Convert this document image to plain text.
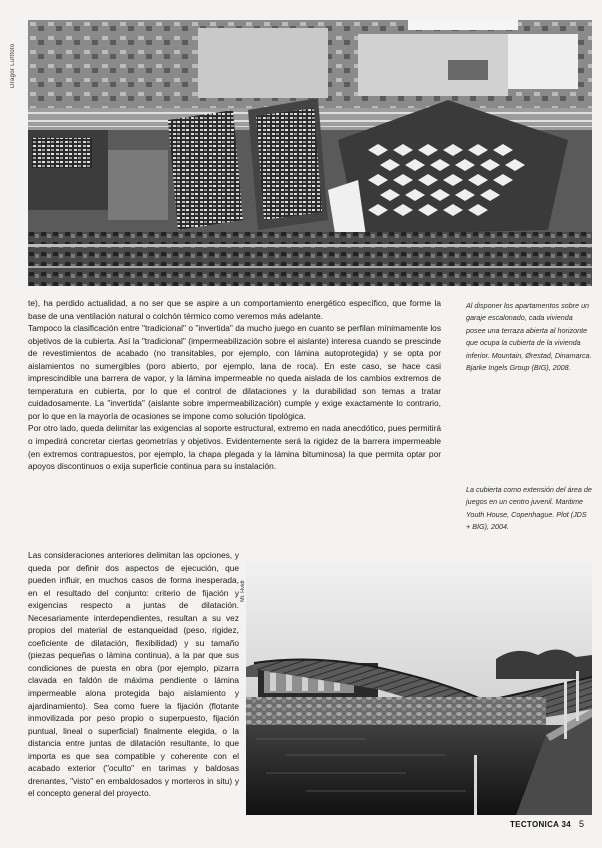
Dragor Luftfoto

te), ha perdido actualidad, a no ser que se aspire a un comportamiento energético específico, que forme la base de una ventilación natural o colchón térmico como veremos más adelante.

Tampoco la clasificación entre "tradicional" o "invertida" da mucho juego en cuanto se perfilan mínimamente los objetivos de la cubierta. Así la "tradicional" (impermeabilización sobre el aislante) interesa cuando se prescinde de revestimientos de acabado (no transitables, por ejemplo, con lámina autoprotegida) y se opta por aislamientos no sumergibles (poro abierto, por ejemplo, lana de roca). En este caso, se hace casi imprescindible una barrera de vapor, y la lámina impermeable no queda aislada de los cambios extremos de temperatura en cubierta, por lo que el control de dilataciones y la durabilidad son temas a tratar cuidadosamente. La "invertida" (aislante sobre impermeabilización) cumple y exige exactamente lo contrario, por lo que en la mayoría de ocasiones se impone como solución tipológica.

Por otro lado, queda delimitar las exigencias al soporte estructural, extremo en nada anecdótico, pues permitirá o impedirá concretar ciertas geometrías y objetivos. Evidentemente será la rigidez de la barrera impermeable (en extremos contrapuestos, por ejemplo, la chapa plegada y la lámina bituminosa) la que permita optar por apoyos discontinuos o exija superficie continua para su instalación.

Al disponer los apartamentos sobre un garaje escalonado, cada vivienda posee una terraza abierta al horizonte que ocupa la cubierta de la vivienda inferior. Mountain, Ørestad, Dinamarca. Bjarke Ingels Group (BIG), 2008.

La cubierta como extensión del área de juegos en un centro juvenil. Maritime Youth House, Copenhague. Plot (JDS + BIG), 2004.

Las consideraciones anteriores delimitan las opciones, y queda por definir dos aspectos de ejecución, que pueden influir, en muchos casos de forma inesperada, en el resultado del conjunto: criterio de fijación y exigencias respecto a juntas de dilatación. Necesariamente interdependientes, resultan a su vez propios del material de estanqueidad (peso, rigidez, coeficiente de dilatación, flexibilidad) y su tamaño (piezas pequeñas o lámina continua), a la par que sus condiciones de puesta en obra (por ejemplo, pizarra clavada en faldón de máxima pendiente o lámina impermeable alona protegida bajo aislamiento y ajardinamiento). Sea como fuere la fijación (flotante inmovilizada por peso propio o superpuesto, fijación puntual, lineal o superficial) finalmente elegida, o la distancia entre juntas de dilatación resultante, lo que importa es que sea compatible y coherente con el acabado exterior ("oculto" en tarimas y baldosas drenantes, "visto" en embaldosados y morteros in situ) y el concepto general del proyecto.

Mt. Hvidt
TECTONICA 34 5
